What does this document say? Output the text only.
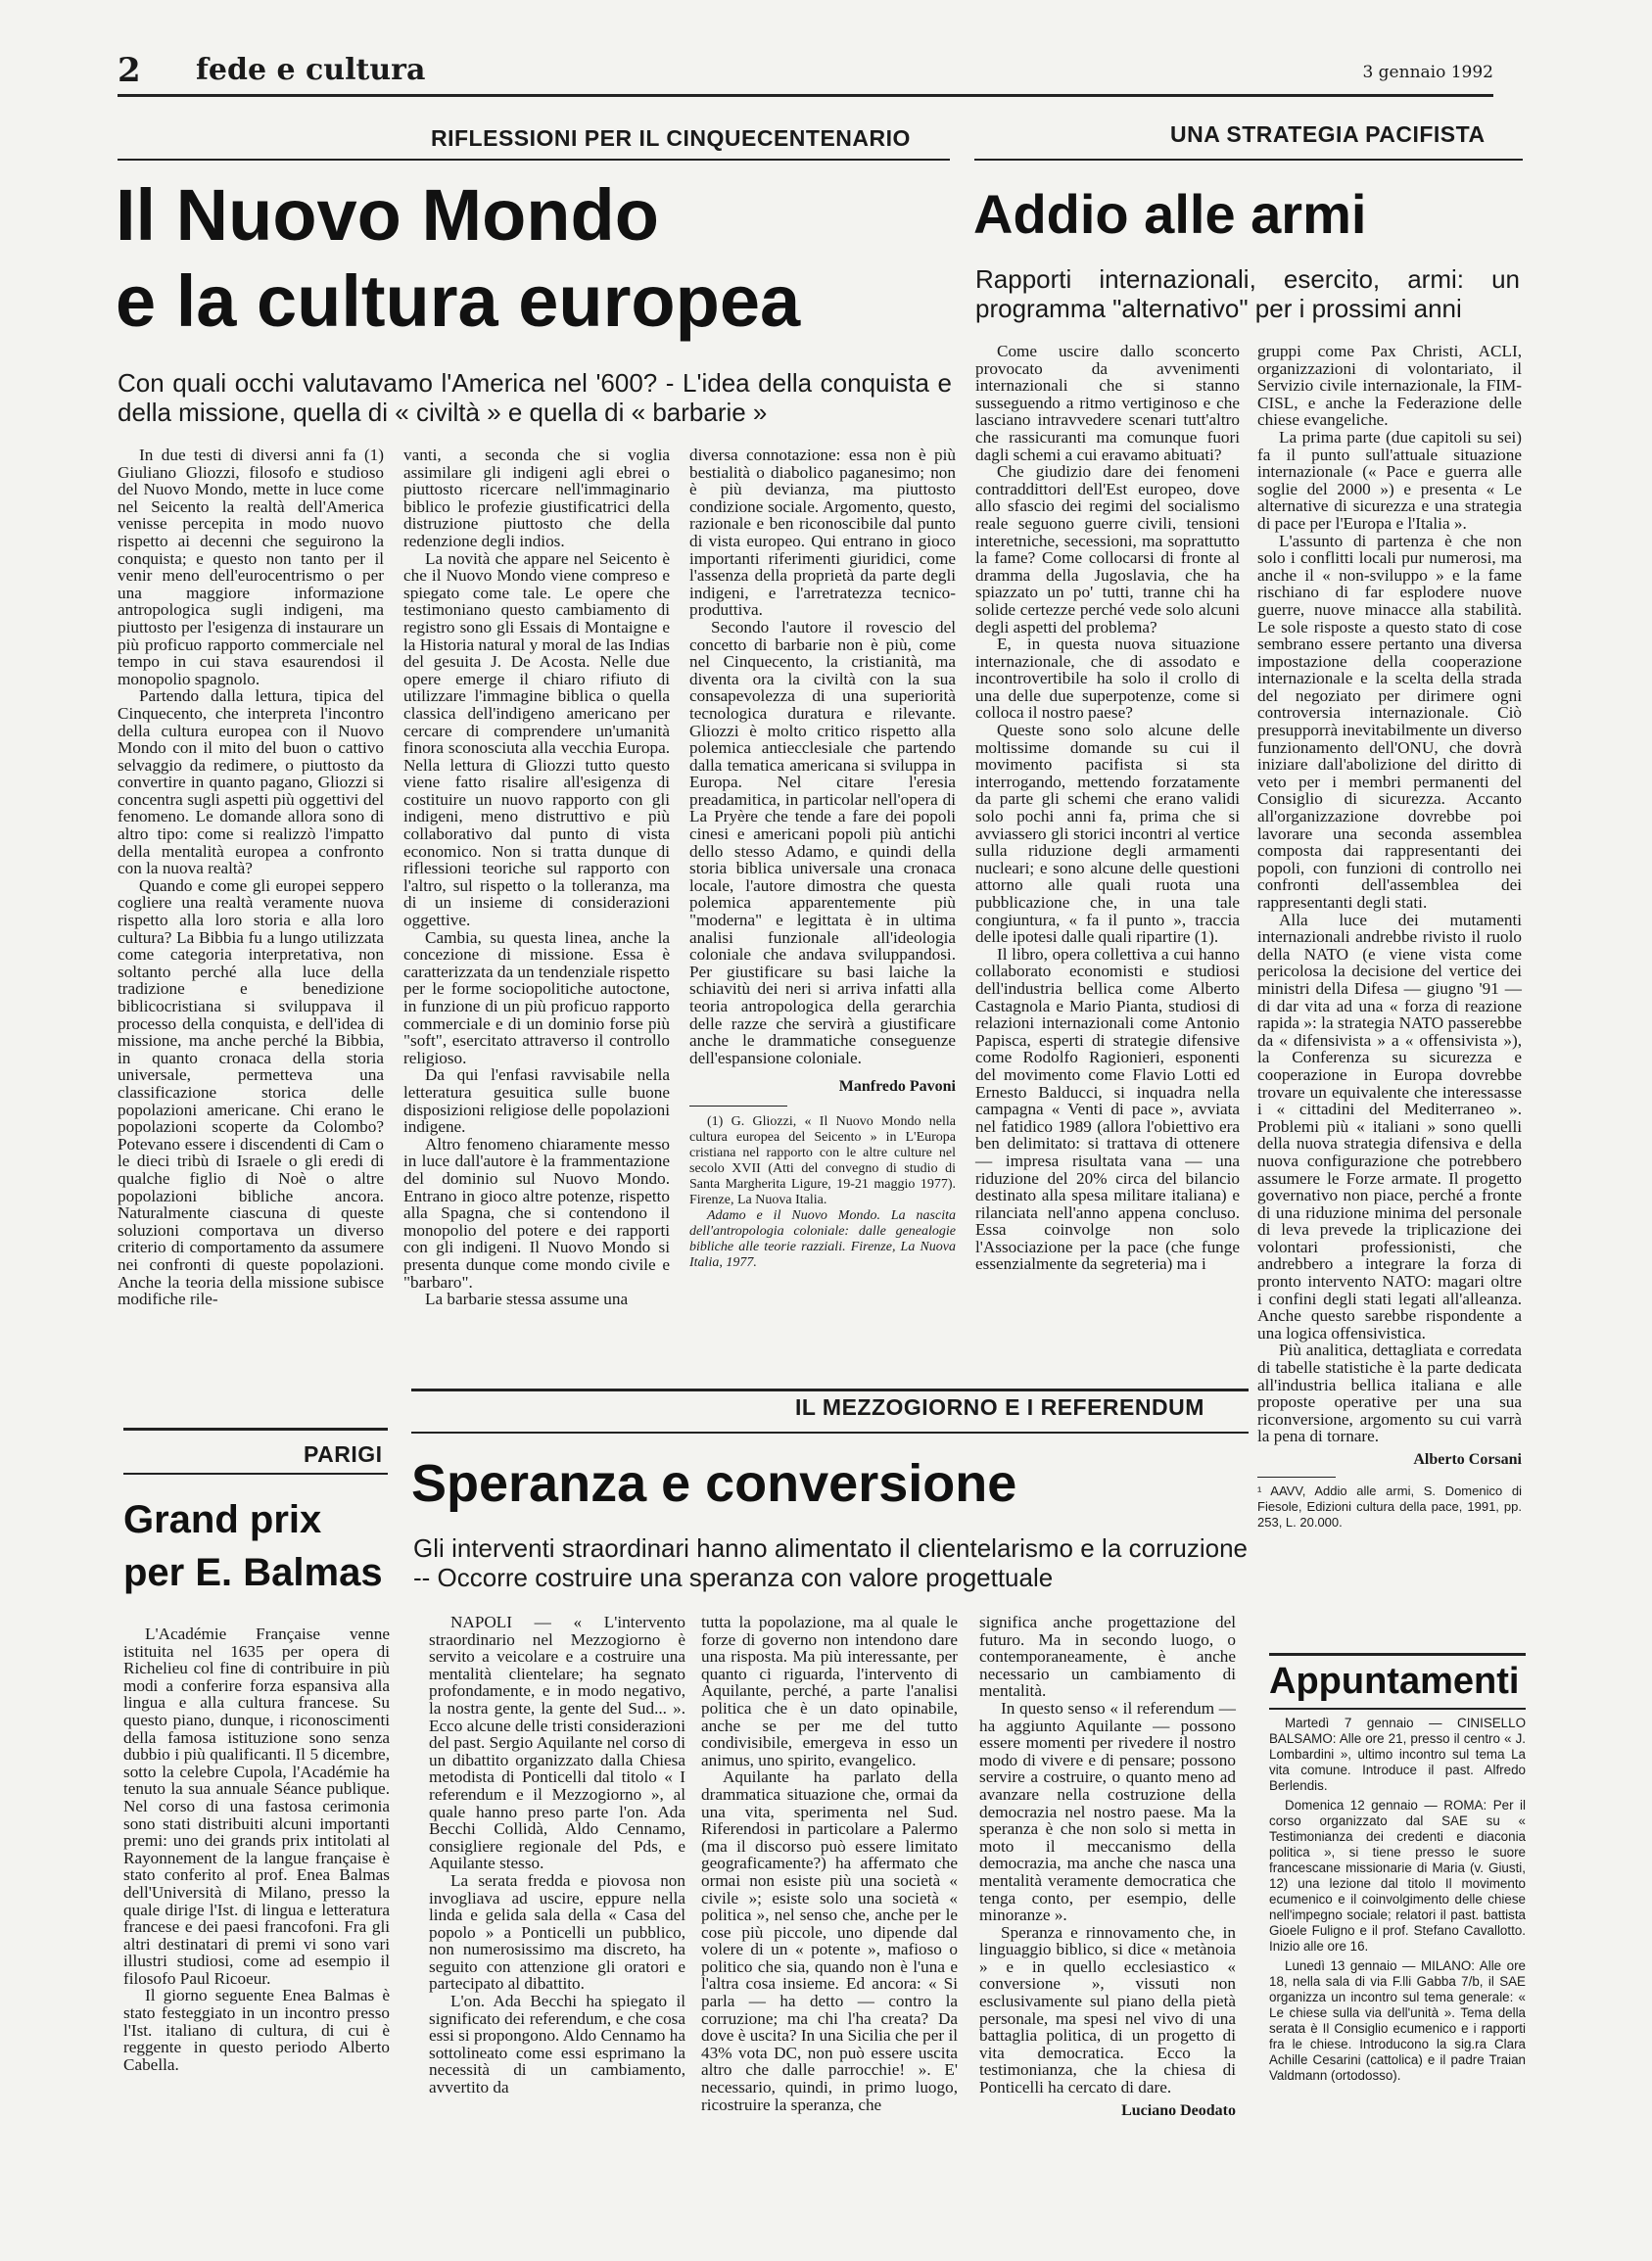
2 fede e cultura	3 gennaio 1992
RIFLESSIONI PER IL CINQUECENTENARIO
Il Nuovo Mondo
e la cultura europea
Con quali occhi valutavamo l'America nel '600? - L'idea della conquista e della missione, quella di « civiltà » e quella di « barbarie »

In due testi di diversi anni fa (1) Giuliano Gliozzi, filosofo e studioso del Nuovo Mondo, mette in luce come nel Seicento la realtà dell'America venisse percepita in modo nuovo rispetto ai decenni che seguirono la conquista; e questo non tanto per il venir meno dell'eurocentrismo o per una maggiore informazione antropologica sugli indigeni, ma piuttosto per l'esigenza di instaurare un più proficuo rapporto commerciale nel tempo in cui stava esaurendosi il monopolio spagnolo.

Partendo dalla lettura, tipica del Cinquecento, che interpreta l'incontro della cultura europea con il Nuovo Mondo con il mito del buon o cattivo selvaggio da redimere, o piuttosto da convertire in quanto pagano, Gliozzi si concentra sugli aspetti più oggettivi del fenomeno. Le domande allora sono di altro tipo: come si realizzò l'impatto della mentalità europea a confronto con la nuova realtà?

Quando e come gli europei seppero cogliere una realtà veramente nuova rispetto alla loro storia e alla loro cultura? La Bibbia fu a lungo utilizzata come categoria interpretativa, non soltanto perché alla luce della tradizione e benedizione biblicocristiana si sviluppava il processo della conquista, e dell'idea di missione, ma anche perché la Bibbia, in quanto cronaca della storia universale, permetteva una classificazione storica delle popolazioni americane. Chi erano le popolazioni scoperte da Colombo? Potevano essere i discendenti di Cam o le dieci tribù di Israele o gli eredi di qualche figlio di Noè o altre popolazioni bibliche ancora. Naturalmente ciascuna di queste soluzioni comportava un diverso criterio di comportamento da assumere nei confronti di queste popolazioni. Anche la teoria della missione subisce modifiche rile-

vanti, a seconda che si voglia assimilare gli indigeni agli ebrei o piuttosto ricercare nell'immaginario biblico le profezie giustificatrici della distruzione piuttosto che della redenzione degli indios.

La novità che appare nel Seicento è che il Nuovo Mondo viene compreso e spiegato come tale. Le opere che testimoniano questo cambiamento di registro sono gli Essais di Montaigne e la Historia natural y moral de las Indias del gesuita J. De Acosta. Nelle due opere emerge il chiaro rifiuto di utilizzare l'immagine biblica o quella classica dell'indigeno americano per cercare di comprendere un'umanità finora sconosciuta alla vecchia Europa. Nella lettura di Gliozzi tutto questo viene fatto risalire all'esigenza di costituire un nuovo rapporto con gli indigeni, meno distruttivo e più collaborativo dal punto di vista economico. Non si tratta dunque di riflessioni teoriche sul rapporto con l'altro, sul rispetto o la tolleranza, ma di un insieme di considerazioni oggettive.

Cambia, su questa linea, anche la concezione di missione. Essa è caratterizzata da un tendenziale rispetto per le forme sociopolitiche autoctone, in funzione di un più proficuo rapporto commerciale e di un dominio forse più "soft", esercitato attraverso il controllo religioso.

Da qui l'enfasi ravvisabile nella letteratura gesuitica sulle buone disposizioni religiose delle popolazioni indigene.

Altro fenomeno chiaramente messo in luce dall'autore è la frammentazione del dominio sul Nuovo Mondo. Entrano in gioco altre potenze, rispetto alla Spagna, che si contendono il monopolio del potere e dei rapporti con gli indigeni. Il Nuovo Mondo si presenta dunque come mondo civile e "barbaro".

La barbarie stessa assume una

diversa connotazione: essa non è più bestialità o diabolico paganesimo; non è più devianza, ma piuttosto condizione sociale. Argomento, questo, razionale e ben riconoscibile dal punto di vista europeo. Qui entrano in gioco importanti riferimenti giuridici, come l'assenza della proprietà da parte degli indigeni, e l'arretratezza tecnico-produttiva.

Secondo l'autore il rovescio del concetto di barbarie non è più, come nel Cinquecento, la cristianità, ma diventa ora la civiltà con la sua consapevolezza di una superiorità tecnologica duratura e rilevante. Gliozzi è molto critico rispetto alla polemica antiecclesiale che partendo dalla tematica americana si sviluppa in Europa. Nel citare l'eresia preadamitica, in particolar nell'opera di La Pryère che tende a fare dei popoli cinesi e americani popoli più antichi dello stesso Adamo, e quindi della storia biblica universale una cronaca locale, l'autore dimostra che questa polemica apparentemente più "moderna" e legittata è in ultima analisi funzionale all'ideologia coloniale che andava sviluppandosi. Per giustificare su basi laiche la schiavitù dei neri si arriva infatti alla teoria antropologica della gerarchia delle razze che servirà a giustificare anche le drammatiche conseguenze dell'espansione coloniale.

Manfredo Pavoni
(1) G. Gliozzi, « Il Nuovo Mondo nella cultura europea del Seicento » in L'Europa cristiana nel rapporto con le altre culture nel secolo XVII (Atti del convegno di studio di Santa Margherita Ligure, 19-21 maggio 1977). Firenze, La Nuova Italia.
Adamo e il Nuovo Mondo. La nascita dell'antropologia coloniale: dalle genealogie bibliche alle teorie razziali. Firenze, La Nuova Italia, 1977.
UNA STRATEGIA PACIFISTA
Addio alle armi
Rapporti internazionali, esercito, armi: un programma "alternativo" per i prossimi anni

Come uscire dallo sconcerto provocato da avvenimenti internazionali che si stanno susseguendo a ritmo vertiginoso e che lasciano intravvedere scenari tutt'altro che rassicuranti ma comunque fuori dagli schemi a cui eravamo abituati?

Che giudizio dare dei fenomeni contraddittori dell'Est europeo, dove allo sfascio dei regimi del socialismo reale seguono guerre civili, tensioni interetniche, secessioni, ma soprattutto la fame? Come collocarsi di fronte al dramma della Jugoslavia, che ha spiazzato un po' tutti, tranne chi ha solide certezze perché vede solo alcuni degli aspetti del problema?

E, in questa nuova situazione internazionale, che di assodato e incontrovertibile ha solo il crollo di una delle due superpotenze, come si colloca il nostro paese?

Queste sono solo alcune delle moltissime domande su cui il movimento pacifista si sta interrogando, mettendo forzatamente da parte gli schemi che erano validi solo pochi anni fa, prima che si avviassero gli storici incontri al vertice sulla riduzione degli armamenti nucleari; e sono alcune delle questioni attorno alle quali ruota una pubblicazione che, in una tale congiuntura, « fa il punto », traccia delle ipotesi dalle quali ripartire (1).

Il libro, opera collettiva a cui hanno collaborato economisti e studiosi dell'industria bellica come Alberto Castagnola e Mario Pianta, studiosi di relazioni internazionali come Antonio Papisca, esperti di strategie difensive come Rodolfo Ragionieri, esponenti del movimento come Flavio Lotti ed Ernesto Balducci, si inquadra nella campagna « Venti di pace », avviata nel fatidico 1989 (allora l'obiettivo era ben delimitato: si trattava di ottenere — impresa risultata vana — una riduzione del 20% circa del bilancio destinato alla spesa militare italiana) e rilanciata nell'anno appena concluso. Essa coinvolge non solo l'Associazione per la pace (che funge essenzialmente da segreteria) ma i

gruppi come Pax Christi, ACLI, organizzazioni di volontariato, il Servizio civile internazionale, la FIM-CISL, e anche la Federazione delle chiese evangeliche.

La prima parte (due capitoli su sei) fa il punto sull'attuale situazione internazionale (« Pace e guerra alle soglie del 2000 ») e presenta « Le alternative di sicurezza e una strategia di pace per l'Europa e l'Italia ».

L'assunto di partenza è che non solo i conflitti locali pur numerosi, ma anche il « non-sviluppo » e la fame rischiano di far esplodere nuove guerre, nuove minacce alla stabilità. Le sole risposte a questo stato di cose sembrano essere pertanto una diversa impostazione della cooperazione internazionale e la scelta della strada del negoziato per dirimere ogni controversia internazionale. Ciò presupporrà inevitabilmente un diverso funzionamento dell'ONU, che dovrà iniziare dall'abolizione del diritto di veto per i membri permanenti del Consiglio di sicurezza. Accanto all'organizzazione dovrebbe poi lavorare una seconda assemblea composta dai rappresentanti dei popoli, con funzioni di controllo nei confronti dell'assemblea dei rappresentanti degli stati.

Alla luce dei mutamenti internazionali andrebbe rivisto il ruolo della NATO (e viene vista come pericolosa la decisione del vertice dei ministri della Difesa — giugno '91 — di dar vita ad una « forza di reazione rapida »: la strategia NATO passerebbe da « difensivista » a « offensivista »), la Conferenza su sicurezza e cooperazione in Europa dovrebbe trovare un equivalente che interessasse i « cittadini del Mediterraneo ». Problemi più « italiani » sono quelli della nuova strategia difensiva e della nuova configurazione che potrebbero assumere le Forze armate. Il progetto governativo non piace, perché a fronte di una riduzione minima del personale di leva prevede la triplicazione dei volontari professionisti, che andrebbero a integrare la forza di pronto intervento NATO: magari oltre i confini degli stati legati all'alleanza. Anche questo sarebbe rispondente a una logica offensivistica.

Più analitica, dettagliata e corredata di tabelle statistiche è la parte dedicata all'industria bellica italiana e alle proposte operative per una sua riconversione, argomento su cui varrà la pena di tornare.

Alberto Corsani
¹ AAVV, Addio alle armi, S. Domenico di Fiesole, Edizioni cultura della pace, 1991, pp. 253, L. 20.000.
PARIGI
Grand prix
per E. Balmas

L'Académie Française venne istituita nel 1635 per opera di Richelieu col fine di contribuire in più modi a conferire forza espansiva alla lingua e alla cultura francese. Su questo piano, dunque, i riconoscimenti della famosa istituzione sono senza dubbio i più qualificanti. Il 5 dicembre, sotto la celebre Cupola, l'Académie ha tenuto la sua annuale Séance publique. Nel corso di una fastosa cerimonia sono stati distribuiti alcuni importanti premi: uno dei grands prix intitolati al Rayonnement de la langue française è stato conferito al prof. Enea Balmas dell'Università di Milano, presso la quale dirige l'Ist. di lingua e letteratura francese e dei paesi francofoni. Fra gli altri destinatari di premi vi sono vari illustri studiosi, come ad esempio il filosofo Paul Ricoeur.

Il giorno seguente Enea Balmas è stato festeggiato in un incontro presso l'Ist. italiano di cultura, di cui è reggente in questo periodo Alberto Cabella.

IL MEZZOGIORNO E I REFERENDUM
Speranza e conversione
Gli interventi straordinari hanno alimentato il clientelarismo e la corruzione -- Occorre costruire una speranza con valore progettuale

NAPOLI — « L'intervento straordinario nel Mezzogiorno è servito a veicolare e a costruire una mentalità clientelare; ha segnato profondamente, e in modo negativo, la nostra gente, la gente del Sud... ». Ecco alcune delle tristi considerazioni del past. Sergio Aquilante nel corso di un dibattito organizzato dalla Chiesa metodista di Ponticelli dal titolo « I referendum e il Mezzogiorno », al quale hanno preso parte l'on. Ada Becchi Collidà, Aldo Cennamo, consigliere regionale del Pds, e Aquilante stesso.

La serata fredda e piovosa non invogliava ad uscire, eppure nella linda e gelida sala della « Casa del popolo » a Ponticelli un pubblico, non numerosissimo ma discreto, ha seguito con attenzione gli oratori e partecipato al dibattito.

L'on. Ada Becchi ha spiegato il significato dei referendum, e che cosa essi si propongono. Aldo Cennamo ha sottolineato come essi esprimano la necessità di un cambiamento, avvertito da

tutta la popolazione, ma al quale le forze di governo non intendono dare una risposta. Ma più interessante, per quanto ci riguarda, l'intervento di Aquilante, perché, a parte l'analisi politica che è un dato opinabile, anche se per me del tutto condivisibile, emergeva in esso un animus, uno spirito, evangelico.

Aquilante ha parlato della drammatica situazione che, ormai da una vita, sperimenta nel Sud. Riferendosi in particolare a Palermo (ma il discorso può essere limitato geograficamente?) ha affermato che ormai non esiste più una società « civile »; esiste solo una società « politica », nel senso che, anche per le cose più piccole, uno dipende dal volere di un « potente », mafioso o politico che sia, quando non è l'una e l'altra cosa insieme. Ed ancora: « Si parla — ha detto — contro la corruzione; ma chi l'ha creata? Da dove è uscita? In una Sicilia che per il 43% vota DC, non può essere uscita altro che dalle parrocchie! ». E' necessario, quindi, in primo luogo, ricostruire la speranza, che

significa anche progettazione del futuro. Ma in secondo luogo, o contemporaneamente, è anche necessario un cambiamento di mentalità.

In questo senso « il referendum — ha aggiunto Aquilante — possono essere momenti per rivedere il nostro modo di vivere e di pensare; possono servire a costruire, o quanto meno ad avanzare nella costruzione della democrazia nel nostro paese. Ma la speranza è che non solo si metta in moto il meccanismo della democrazia, ma anche che nasca una mentalità veramente democratica che tenga conto, per esempio, delle minoranze ».

Speranza e rinnovamento che, in linguaggio biblico, si dice « metànoia » e in quello ecclesiastico « conversione », vissuti non esclusivamente sul piano della pietà personale, ma spesi nel vivo di una battaglia politica, di un progetto di vita democratica. Ecco la testimonianza, che la chiesa di Ponticelli ha cercato di dare.

Luciano Deodato
Appuntamenti

Martedì 7 gennaio — CINISELLO BALSAMO: Alle ore 21, presso il centro « J. Lombardini », ultimo incontro sul tema La vita comune. Introduce il past. Alfredo Berlendis.

Domenica 12 gennaio — ROMA: Per il corso organizzato dal SAE su « Testimonianza dei credenti e diaconia politica », si tiene presso le suore francescane missionarie di Maria (v. Giusti, 12) una lezione dal titolo Il movimento ecumenico e il coinvolgimento delle chiese nell'impegno sociale; relatori il past. battista Gioele Fuligno e il prof. Stefano Cavallotto. Inizio alle ore 16.

Lunedì 13 gennaio — MILANO: Alle ore 18, nella sala di via F.lli Gabba 7/b, il SAE organizza un incontro sul tema generale: « Le chiese sulla via dell'unità ». Tema della serata è Il Consiglio ecumenico e i rapporti fra le chiese. Introducono la sig.ra Clara Achille Cesarini (cattolica) e il padre Traian Valdmann (ortodosso).
